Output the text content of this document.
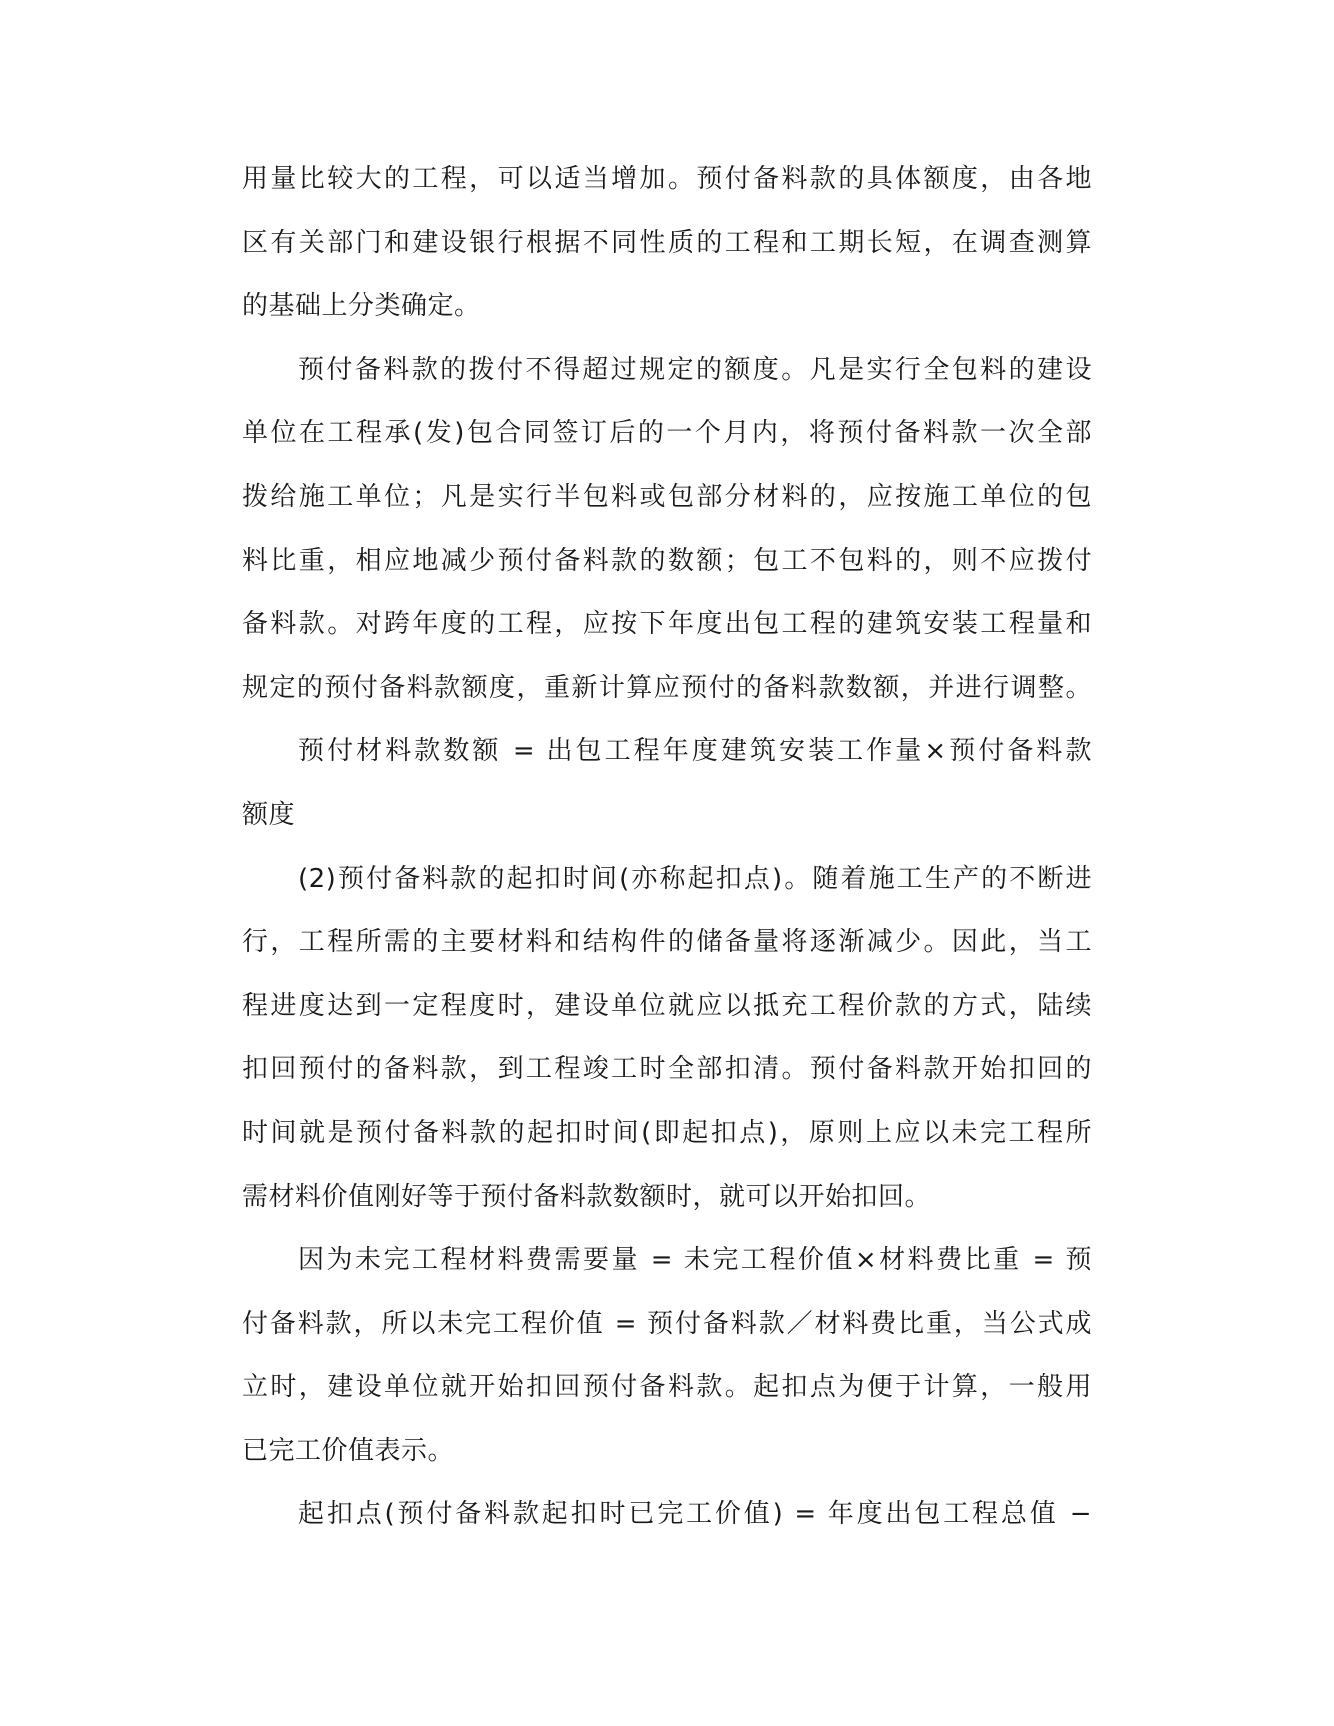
用量比较大的工程，可以适当增加。预付备料款的具体额度，由各地
区有关部门和建设银行根据不同性质的工程和工期长短，在调查测算
的基础上分类确定。
预付备料款的拨付不得超过规定的额度。凡是实行全包料的建设
单位在工程承(发)包合同签订后的一个月内，将预付备料款一次全部
拨给施工单位；凡是实行半包料或包部分材料的，应按施工单位的包
料比重，相应地减少预付备料款的数额；包工不包料的，则不应拨付
备料款。对跨年度的工程，应按下年度出包工程的建筑安装工程量和
规定的预付备料款额度，重新计算应预付的备料款数额，并进行调整。
预付材料款数额 = 出包工程年度建筑安装工作量×预付备料款
额度
(2)预付备料款的起扣时间(亦称起扣点)。随着施工生产的不断进
行，工程所需的主要材料和结构件的储备量将逐渐减少。因此，当工
程进度达到一定程度时，建设单位就应以抵充工程价款的方式，陆续
扣回预付的备料款，到工程竣工时全部扣清。预付备料款开始扣回的
时间就是预付备料款的起扣时间(即起扣点)，原则上应以未完工程所
需材料价值刚好等于预付备料款数额时，就可以开始扣回。
因为未完工程材料费需要量 = 未完工程价值×材料费比重 = 预
付备料款，所以未完工程价值 = 预付备料款／材料费比重，当公式成
立时，建设单位就开始扣回预付备料款。起扣点为便于计算，一般用
已完工价值表示。
起扣点(预付备料款起扣时已完工价值) = 年度出包工程总值 −
